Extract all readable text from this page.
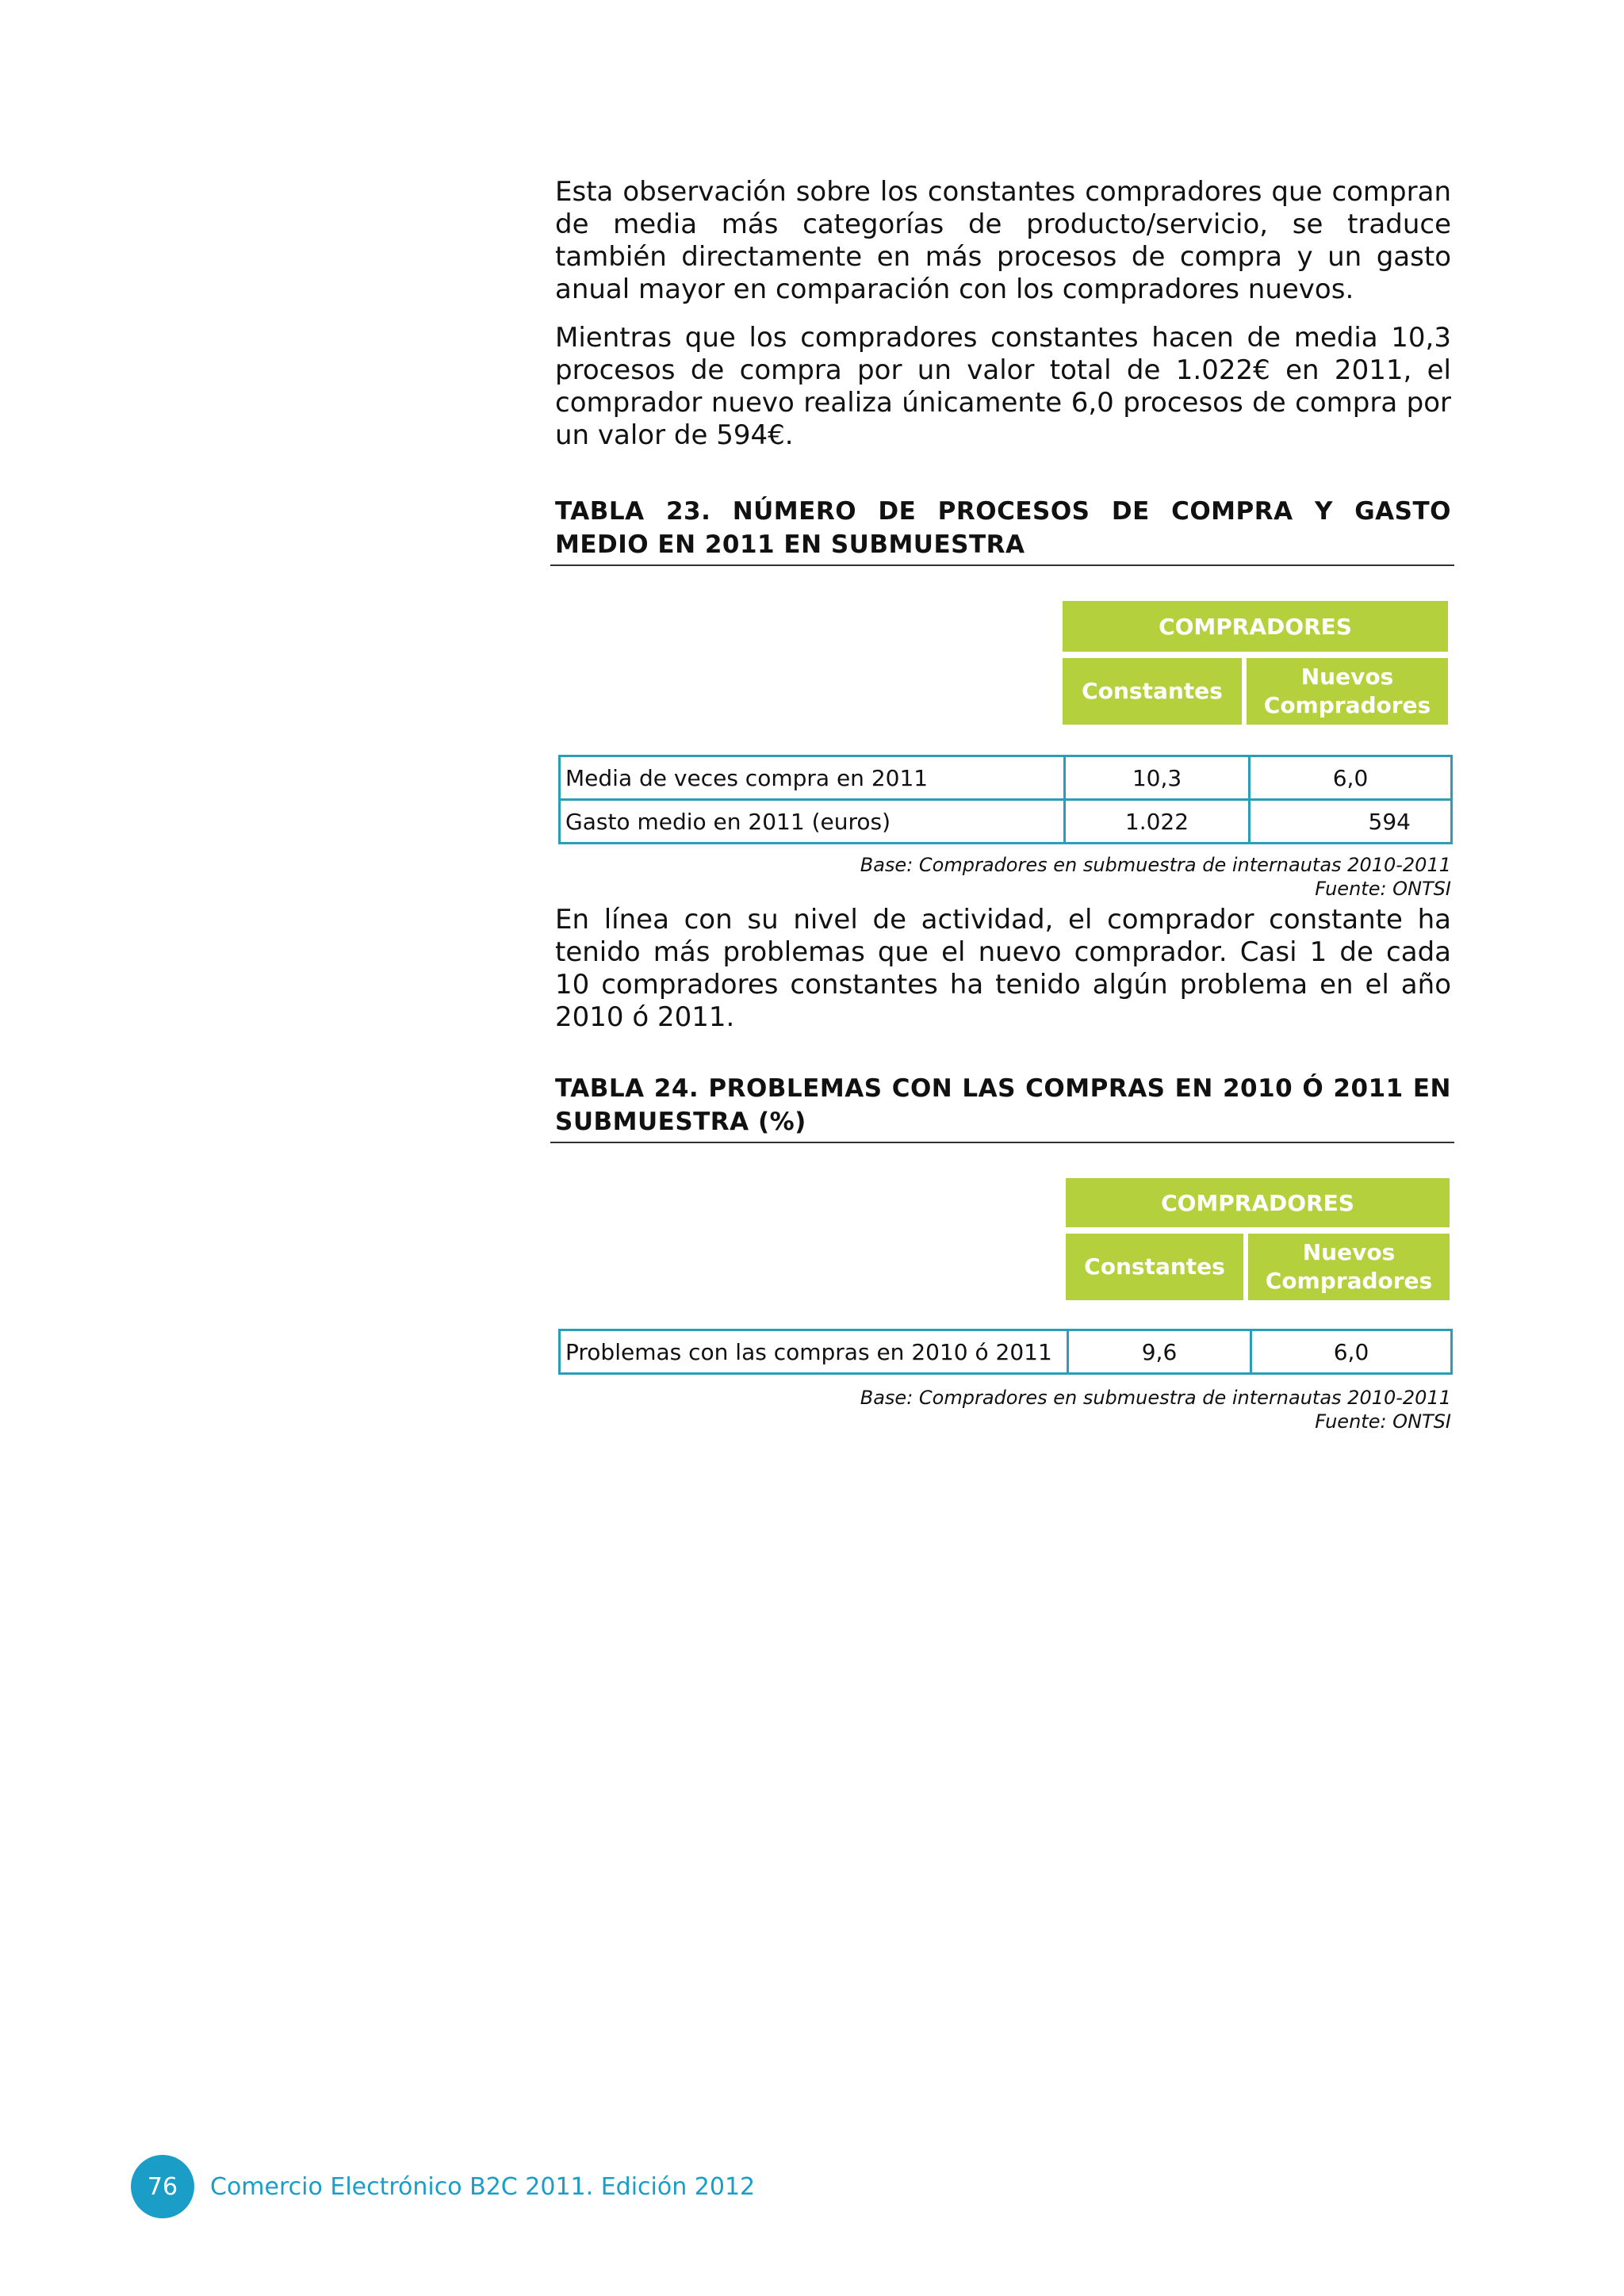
Esta observación sobre los constantes compradores que compran de media más categorías de producto/servicio, se traduce también directamente en más procesos de compra y un gasto anual mayor en comparación con los compradores nuevos.

Mientras que los compradores constantes hacen de media 10,3 procesos de compra por un valor total de 1.022€ en 2011, el comprador nuevo realiza únicamente 6,0 procesos de compra por un valor de 594€.

TABLA 23. NÚMERO DE PROCESOS DE COMPRA Y GASTO MEDIO EN 2011 EN SUBMUESTRA

COMPRADORES
Constantes
Nuevos
Compradores
Media de veces compra en 2011	10,3	6,0
Gasto medio en 2011 (euros)	1.022	594
Base: Compradores en submuestra de internautas 2010-2011
Fuente: ONTSI

En línea con su nivel de actividad, el comprador constante ha tenido más problemas que el nuevo comprador. Casi 1 de cada 10 compradores constantes ha tenido algún problema en el año 2010 ó 2011.

TABLA 24. PROBLEMAS CON LAS COMPRAS EN 2010 Ó 2011 EN SUBMUESTRA (%)

COMPRADORES
Constantes
Nuevos
Compradores
Problemas con las compras en 2010 ó 2011	9,6	6,0
Base: Compradores en submuestra de internautas 2010-2011
Fuente: ONTSI
76 Comercio Electrónico B2C 2011. Edición 2012
